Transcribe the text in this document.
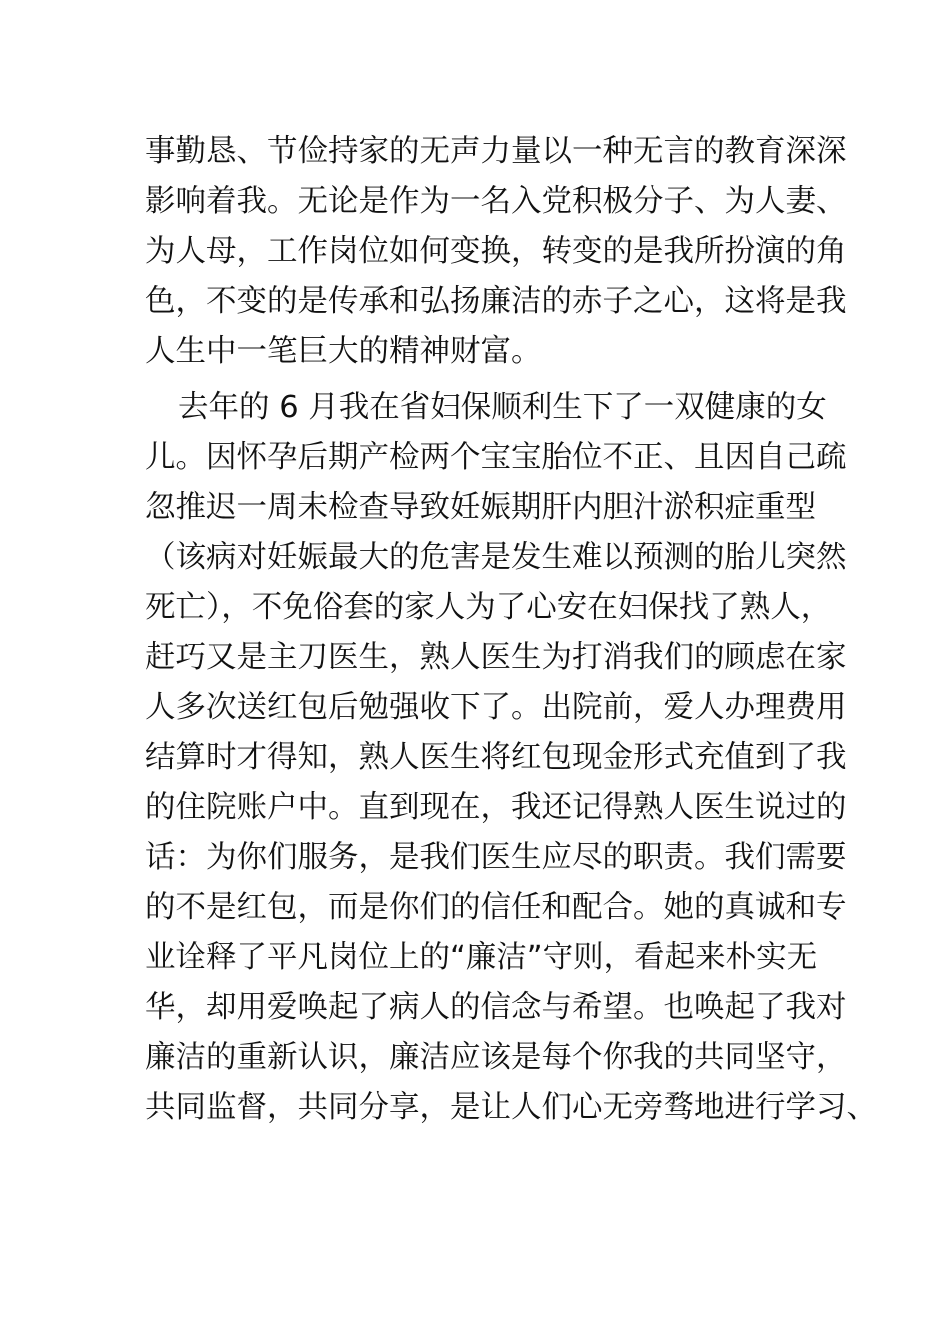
事勤恳、节俭持家的无声力量以一种无言的教育深深
影响着我。无论是作为一名入党积极分子、为人妻、
为人母，工作岗位如何变换，转变的是我所扮演的角
色，不变的是传承和弘扬廉洁的赤子之心，这将是我
人生中一笔巨大的精神财富。
去年的 6 月我在省妇保顺利生下了一双健康的女
儿。因怀孕后期产检两个宝宝胎位不正、且因自己疏
忽推迟一周未检查导致妊娠期肝内胆汁淤积症重型
（该病对妊娠最大的危害是发生难以预测的胎儿突然
死亡），不免俗套的家人为了心安在妇保找了熟人，
赶巧又是主刀医生，熟人医生为打消我们的顾虑在家
人多次送红包后勉强收下了。出院前，爱人办理费用
结算时才得知，熟人医生将红包现金形式充值到了我
的住院账户中。直到现在，我还记得熟人医生说过的
话：为你们服务，是我们医生应尽的职责。我们需要
的不是红包，而是你们的信任和配合。她的真诚和专
业诠释了平凡岗位上的“廉洁”守则，看起来朴实无
华，却用爱唤起了病人的信念与希望。也唤起了我对
廉洁的重新认识，廉洁应该是每个你我的共同坚守，
共同监督，共同分享，是让人们心无旁骛地进行学习、
